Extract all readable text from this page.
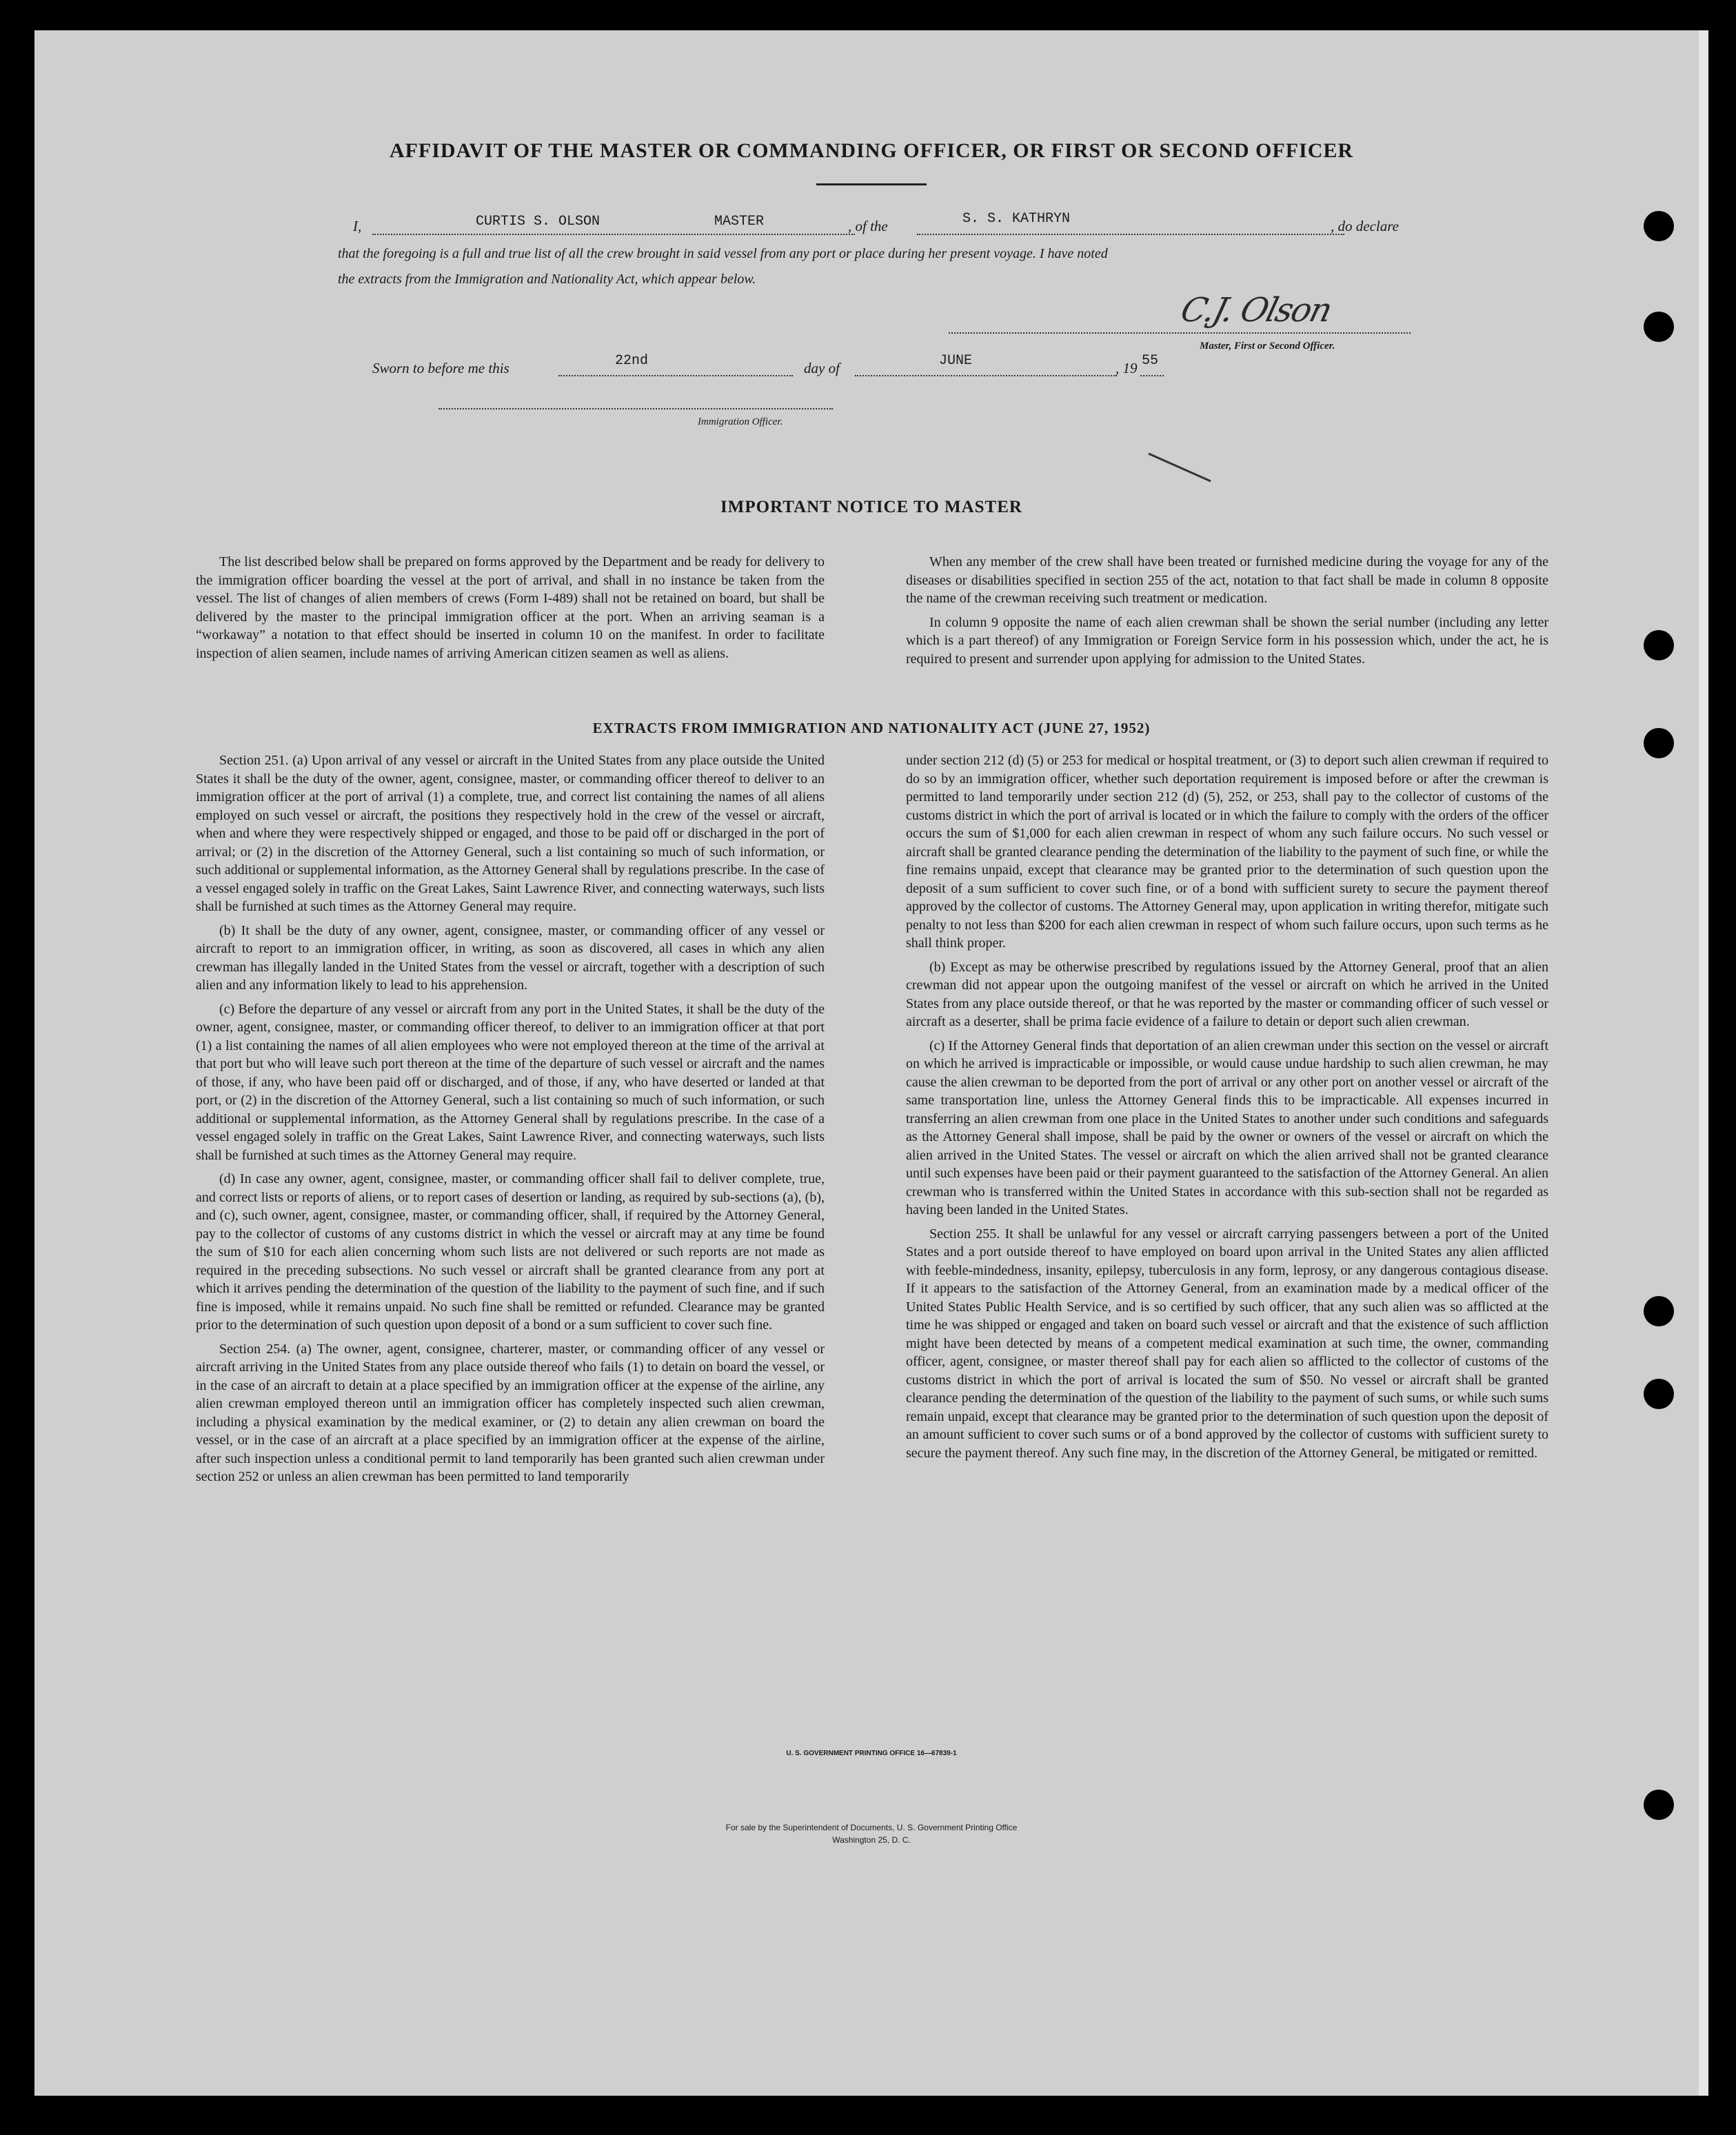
AFFIDAVIT OF THE MASTER OR COMMANDING OFFICER, OR FIRST OR SECOND OFFICER
I,	CURTIS S. OLSON	MASTER	, of the	S. S. KATHRYN	, do declare
that the foregoing is a full and true list of all the crew brought in said vessel from any port or place during her present voyage. I have noted
the extracts from the Immigration and Nationality Act, which appear below.
C.J. Olson
Master, First or Second Officer.
Sworn to before me this	22nd	day of	JUNE	, 19 55
Immigration Officer.
IMPORTANT NOTICE TO MASTER

The list described below shall be prepared on forms approved by the Department and be ready for delivery to the immigration officer boarding the vessel at the port of arrival, and shall in no instance be taken from the vessel. The list of changes of alien members of crews (Form I-489) shall not be retained on board, but shall be delivered by the master to the principal immigration officer at the port. When an arriving seaman is a “workaway” a notation to that effect should be inserted in column 10 on the manifest. In order to facilitate inspection of alien seamen, include names of arriving American citizen seamen as well as aliens.

When any member of the crew shall have been treated or furnished medicine during the voyage for any of the diseases or disabilities specified in section 255 of the act, notation to that fact shall be made in column 8 opposite the name of the crewman receiving such treatment or medication.

In column 9 opposite the name of each alien crewman shall be shown the serial number (including any letter which is a part thereof) of any Immigration or Foreign Service form in his possession which, under the act, he is required to present and surrender upon applying for admission to the United States.

EXTRACTS FROM IMMIGRATION AND NATIONALITY ACT (JUNE 27, 1952)

Section 251. (a) Upon arrival of any vessel or aircraft in the United States from any place outside the United States it shall be the duty of the owner, agent, consignee, master, or commanding officer thereof to deliver to an immigration officer at the port of arrival (1) a complete, true, and correct list containing the names of all aliens employed on such vessel or aircraft, the positions they respectively hold in the crew of the vessel or aircraft, when and where they were respectively shipped or engaged, and those to be paid off or discharged in the port of arrival; or (2) in the discretion of the Attorney General, such a list containing so much of such information, or such additional or supplemental information, as the Attorney General shall by regulations prescribe. In the case of a vessel engaged solely in traffic on the Great Lakes, Saint Lawrence River, and connecting waterways, such lists shall be furnished at such times as the Attorney General may require.

(b) It shall be the duty of any owner, agent, consignee, master, or commanding officer of any vessel or aircraft to report to an immigration officer, in writing, as soon as discovered, all cases in which any alien crewman has illegally landed in the United States from the vessel or aircraft, together with a description of such alien and any information likely to lead to his apprehension.

(c) Before the departure of any vessel or aircraft from any port in the United States, it shall be the duty of the owner, agent, consignee, master, or commanding officer thereof, to deliver to an immigration officer at that port (1) a list containing the names of all alien employees who were not employed thereon at the time of the arrival at that port but who will leave such port thereon at the time of the departure of such vessel or aircraft and the names of those, if any, who have been paid off or discharged, and of those, if any, who have deserted or landed at that port, or (2) in the discretion of the Attorney General, such a list containing so much of such information, or such additional or supplemental information, as the Attorney General shall by regulations prescribe. In the case of a vessel engaged solely in traffic on the Great Lakes, Saint Lawrence River, and connecting waterways, such lists shall be furnished at such times as the Attorney General may require.

(d) In case any owner, agent, consignee, master, or commanding officer shall fail to deliver complete, true, and correct lists or reports of aliens, or to report cases of desertion or landing, as required by sub-sections (a), (b), and (c), such owner, agent, consignee, master, or commanding officer, shall, if required by the Attorney General, pay to the collector of customs of any customs district in which the vessel or aircraft may at any time be found the sum of $10 for each alien concerning whom such lists are not delivered or such reports are not made as required in the preceding subsections. No such vessel or aircraft shall be granted clearance from any port at which it arrives pending the determination of the question of the liability to the payment of such fine, and if such fine is imposed, while it remains unpaid. No such fine shall be remitted or refunded. Clearance may be granted prior to the determination of such question upon deposit of a bond or a sum sufficient to cover such fine.

Section 254. (a) The owner, agent, consignee, charterer, master, or commanding officer of any vessel or aircraft arriving in the United States from any place outside thereof who fails (1) to detain on board the vessel, or in the case of an aircraft to detain at a place specified by an immigration officer at the expense of the airline, any alien crewman employed thereon until an immigration officer has completely inspected such alien crewman, including a physical examination by the medical examiner, or (2) to detain any alien crewman on board the vessel, or in the case of an aircraft at a place specified by an immigration officer at the expense of the airline, after such inspection unless a conditional permit to land temporarily has been granted such alien crewman under section 252 or unless an alien crewman has been permitted to land temporarily

under section 212 (d) (5) or 253 for medical or hospital treatment, or (3) to deport such alien crewman if required to do so by an immigration officer, whether such deportation requirement is imposed before or after the crewman is permitted to land temporarily under section 212 (d) (5), 252, or 253, shall pay to the collector of customs of the customs district in which the port of arrival is located or in which the failure to comply with the orders of the officer occurs the sum of $1,000 for each alien crewman in respect of whom any such failure occurs. No such vessel or aircraft shall be granted clearance pending the determination of the liability to the payment of such fine, or while the fine remains unpaid, except that clearance may be granted prior to the determination of such question upon the deposit of a sum sufficient to cover such fine, or of a bond with sufficient surety to secure the payment thereof approved by the collector of customs. The Attorney General may, upon application in writing therefor, mitigate such penalty to not less than $200 for each alien crewman in respect of whom such failure occurs, upon such terms as he shall think proper.

(b) Except as may be otherwise prescribed by regulations issued by the Attorney General, proof that an alien crewman did not appear upon the outgoing manifest of the vessel or aircraft on which he arrived in the United States from any place outside thereof, or that he was reported by the master or commanding officer of such vessel or aircraft as a deserter, shall be prima facie evidence of a failure to detain or deport such alien crewman.

(c) If the Attorney General finds that deportation of an alien crewman under this section on the vessel or aircraft on which he arrived is impracticable or impossible, or would cause undue hardship to such alien crewman, he may cause the alien crewman to be deported from the port of arrival or any other port on another vessel or aircraft of the same transportation line, unless the Attorney General finds this to be impracticable. All expenses incurred in transferring an alien crewman from one place in the United States to another under such conditions and safeguards as the Attorney General shall impose, shall be paid by the owner or owners of the vessel or aircraft on which the alien arrived in the United States. The vessel or aircraft on which the alien arrived shall not be granted clearance until such expenses have been paid or their payment guaranteed to the satisfaction of the Attorney General. An alien crewman who is transferred within the United States in accordance with this sub-section shall not be regarded as having been landed in the United States.

Section 255. It shall be unlawful for any vessel or aircraft carrying passengers between a port of the United States and a port outside thereof to have employed on board upon arrival in the United States any alien afflicted with feeble-mindedness, insanity, epilepsy, tuberculosis in any form, leprosy, or any dangerous contagious disease. If it appears to the satisfaction of the Attorney General, from an examination made by a medical officer of the United States Public Health Service, and is so certified by such officer, that any such alien was so afflicted at the time he was shipped or engaged and taken on board such vessel or aircraft and that the existence of such affliction might have been detected by means of a competent medical examination at such time, the owner, commanding officer, agent, consignee, or master thereof shall pay for each alien so afflicted to the collector of customs of the customs district in which the port of arrival is located the sum of $50. No vessel or aircraft shall be granted clearance pending the determination of the question of the liability to the payment of such sums, or while such sums remain unpaid, except that clearance may be granted prior to the determination of such question upon the deposit of an amount sufficient to cover such sums or of a bond approved by the collector of customs with sufficient surety to secure the payment thereof. Any such fine may, in the discretion of the Attorney General, be mitigated or remitted.

U. S. GOVERNMENT PRINTING OFFICE 16—67839-1
For sale by the Superintendent of Documents, U. S. Government Printing Office
Washington 25, D. C.
